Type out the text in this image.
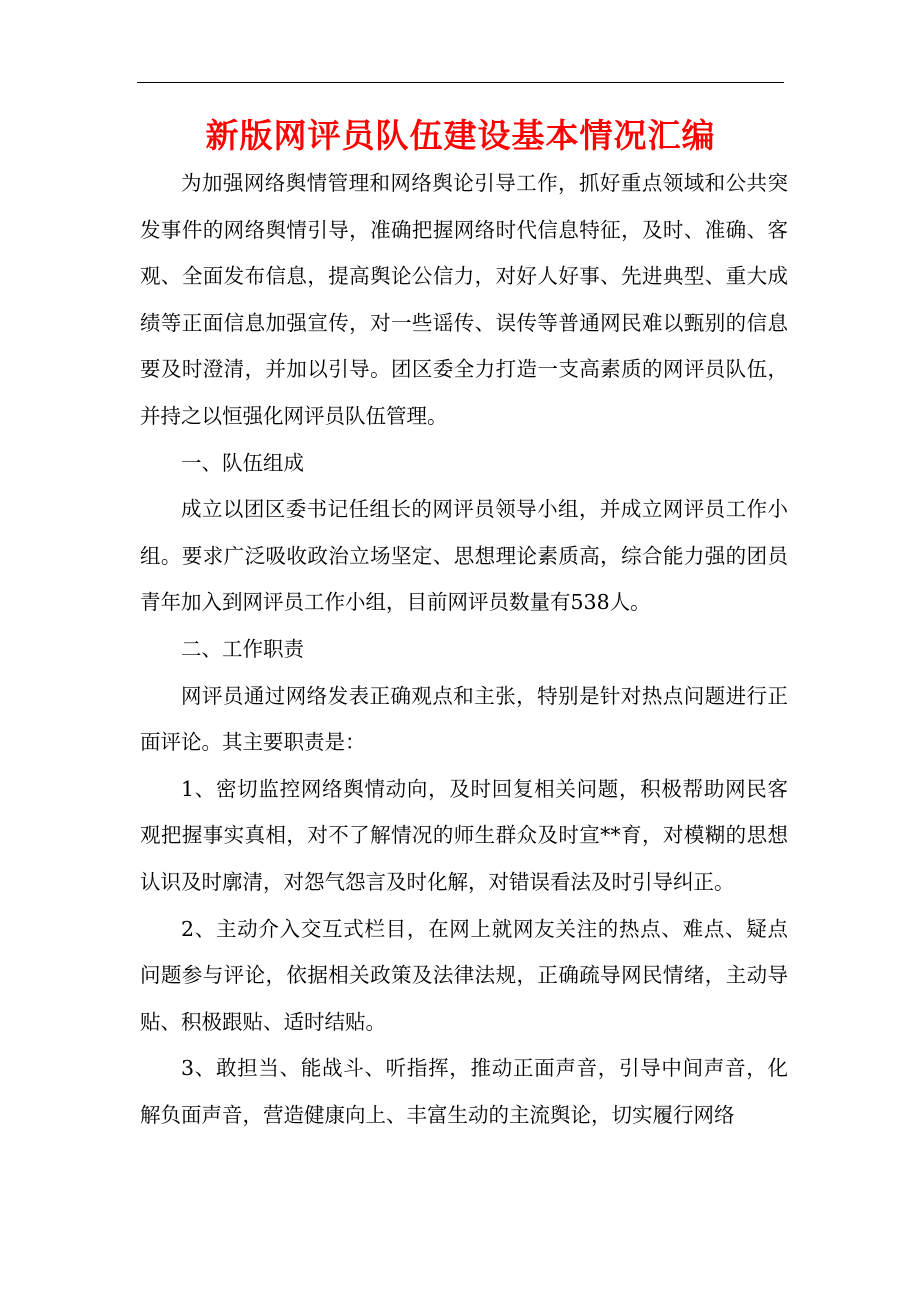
新版网评员队伍建设基本情况汇编

为加强网络舆情管理和网络舆论引导工作，抓好重点领域和公共突发事件的网络舆情引导，准确把握网络时代信息特征，及时、准确、客观、全面发布信息，提高舆论公信力，对好人好事、先进典型、重大成绩等正面信息加强宣传，对一些谣传、误传等普通网民难以甄别的信息要及时澄清，并加以引导。团区委全力打造一支高素质的网评员队伍，并持之以恒强化网评员队伍管理。

一、队伍组成

成立以团区委书记任组长的网评员领导小组，并成立网评员工作小组。要求广泛吸收政治立场坚定、思想理论素质高，综合能力强的团员青年加入到网评员工作小组，目前网评员数量有538人。

二、工作职责

网评员通过网络发表正确观点和主张，特别是针对热点问题进行正面评论。其主要职责是：

1、密切监控网络舆情动向，及时回复相关问题，积极帮助网民客观把握事实真相，对不了解情况的师生群众及时宣**育，对模糊的思想认识及时廓清，对怨气怨言及时化解，对错误看法及时引导纠正。

2、主动介入交互式栏目，在网上就网友关注的热点、难点、疑点问题参与评论，依据相关政策及法律法规，正确疏导网民情绪，主动导贴、积极跟贴、适时结贴。

3、敢担当、能战斗、听指挥，推动正面声音，引导中间声音，化解负面声音，营造健康向上、丰富生动的主流舆论，切实履行网络
